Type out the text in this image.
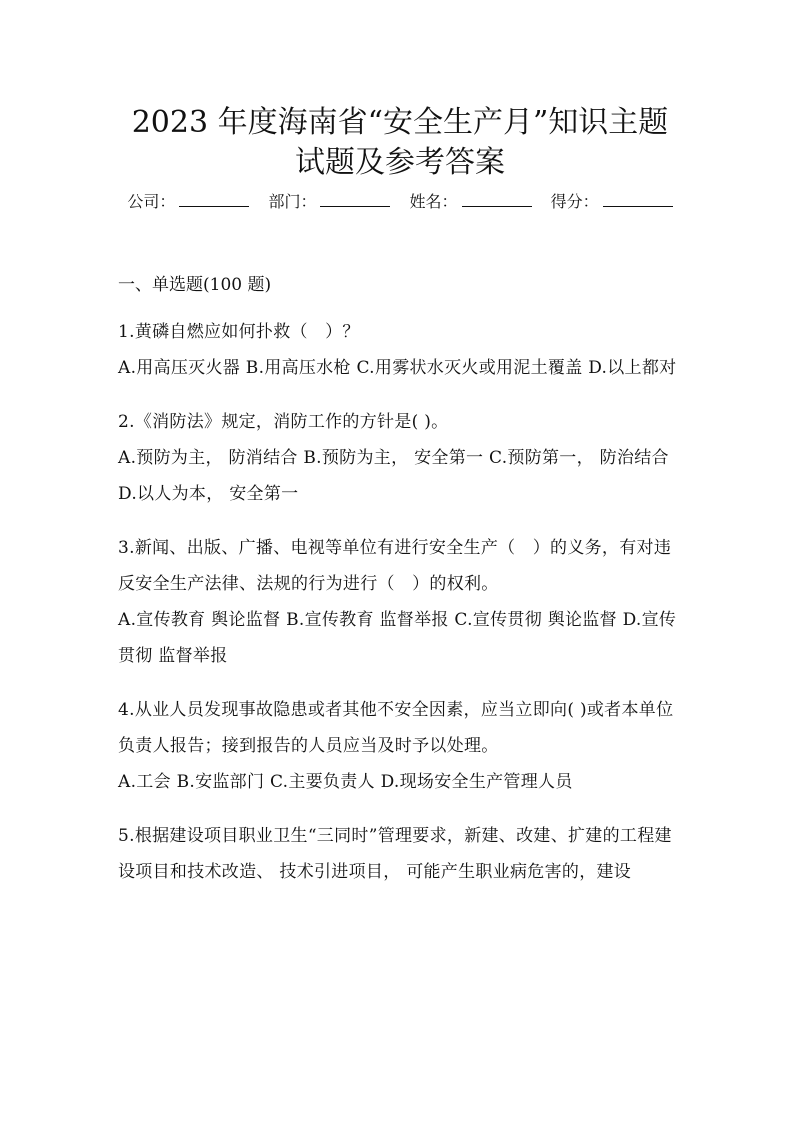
2023 年度海南省“安全生产月”知识主题
试题及参考答案
公司：	部门：	姓名：	得分：

一、单选题(100 题)

1.黄磷自燃应如何扑救（　）？

A.用高压灭火器 B.用高压水枪 C.用雾状水灭火或用泥土覆盖 D.以上都对

2.《消防法》规定，消防工作的方针是( )。

A.预防为主， 防消结合 B.预防为主， 安全第一 C.预防第一， 防治结合 D.以人为本， 安全第一

3.新闻、出版、广播、电视等单位有进行安全生产（　）的义务，有对违反安全生产法律、法规的行为进行（　）的权利。

A.宣传教育 舆论监督 B.宣传教育 监督举报 C.宣传贯彻 舆论监督 D.宣传贯彻 监督举报

4.从业人员发现事故隐患或者其他不安全因素，应当立即向( )或者本单位负责人报告；接到报告的人员应当及时予以处理。

A.工会 B.安监部门 C.主要负责人 D.现场安全生产管理人员

5.根据建设项目职业卫生“三同时”管理要求，新建、改建、扩建的工程建设项目和技术改造、 技术引进项目， 可能产生职业病危害的，建设
